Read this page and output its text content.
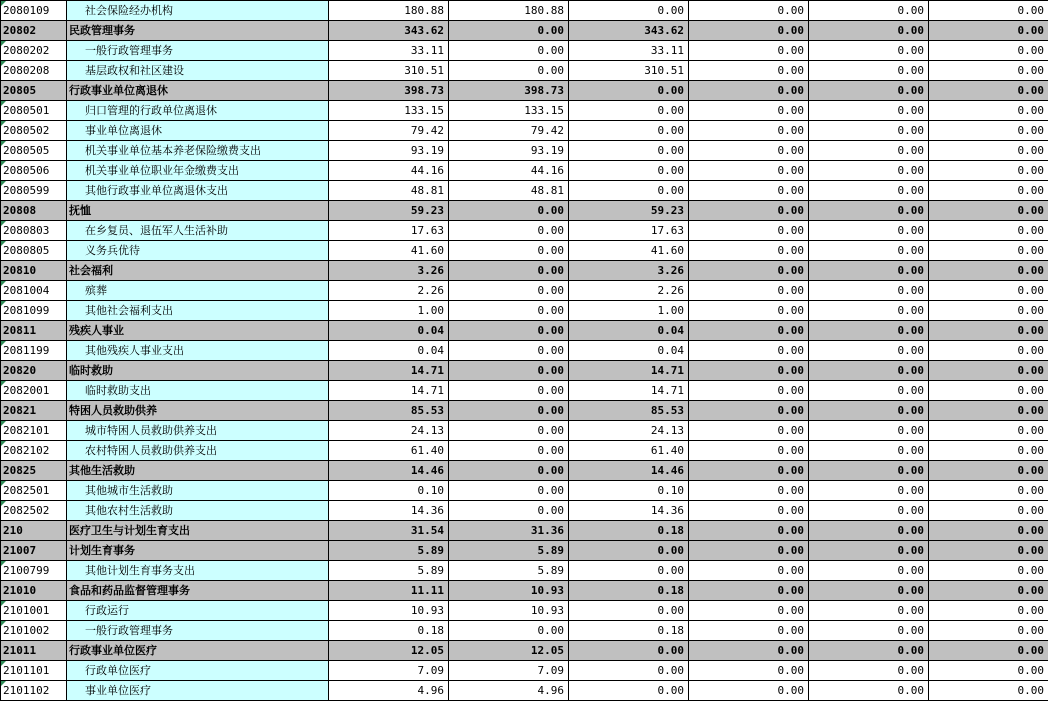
2080109	社会保险经办机构	180.88	180.88	0.00	0.00	0.00	0.00
20802	民政管理事务	343.62	0.00	343.62	0.00	0.00	0.00

2080202	一般行政管理事务	33.11	0.00	33.11	0.00	0.00	0.00

2080208	基层政权和社区建设	310.51	0.00	310.51	0.00	0.00	0.00
20805	行政事业单位离退休	398.73	398.73	0.00	0.00	0.00	0.00

2080501	归口管理的行政单位离退休	133.15	133.15	0.00	0.00	0.00	0.00

2080502	事业单位离退休	79.42	79.42	0.00	0.00	0.00	0.00

2080505	机关事业单位基本养老保险缴费支出	93.19	93.19	0.00	0.00	0.00	0.00

2080506	机关事业单位职业年金缴费支出	44.16	44.16	0.00	0.00	0.00	0.00

2080599	其他行政事业单位离退休支出	48.81	48.81	0.00	0.00	0.00	0.00
20808	抚恤	59.23	0.00	59.23	0.00	0.00	0.00

2080803	在乡复员、退伍军人生活补助	17.63	0.00	17.63	0.00	0.00	0.00

2080805	义务兵优待	41.60	0.00	41.60	0.00	0.00	0.00
20810	社会福利	3.26	0.00	3.26	0.00	0.00	0.00

2081004	殡葬	2.26	0.00	2.26	0.00	0.00	0.00

2081099	其他社会福利支出	1.00	0.00	1.00	0.00	0.00	0.00
20811	残疾人事业	0.04	0.00	0.04	0.00	0.00	0.00

2081199	其他残疾人事业支出	0.04	0.00	0.04	0.00	0.00	0.00
20820	临时救助	14.71	0.00	14.71	0.00	0.00	0.00

2082001	临时救助支出	14.71	0.00	14.71	0.00	0.00	0.00
20821	特困人员救助供养	85.53	0.00	85.53	0.00	0.00	0.00

2082101	城市特困人员救助供养支出	24.13	0.00	24.13	0.00	0.00	0.00

2082102	农村特困人员救助供养支出	61.40	0.00	61.40	0.00	0.00	0.00
20825	其他生活救助	14.46	0.00	14.46	0.00	0.00	0.00

2082501	其他城市生活救助	0.10	0.00	0.10	0.00	0.00	0.00

2082502	其他农村生活救助	14.36	0.00	14.36	0.00	0.00	0.00
210	医疗卫生与计划生育支出	31.54	31.36	0.18	0.00	0.00	0.00
21007	计划生育事务	5.89	5.89	0.00	0.00	0.00	0.00

2100799	其他计划生育事务支出	5.89	5.89	0.00	0.00	0.00	0.00
21010	食品和药品监督管理事务	11.11	10.93	0.18	0.00	0.00	0.00

2101001	行政运行	10.93	10.93	0.00	0.00	0.00	0.00

2101002	一般行政管理事务	0.18	0.00	0.18	0.00	0.00	0.00
21011	行政事业单位医疗	12.05	12.05	0.00	0.00	0.00	0.00

2101101	行政单位医疗	7.09	7.09	0.00	0.00	0.00	0.00

2101102	事业单位医疗	4.96	4.96	0.00	0.00	0.00	0.00
